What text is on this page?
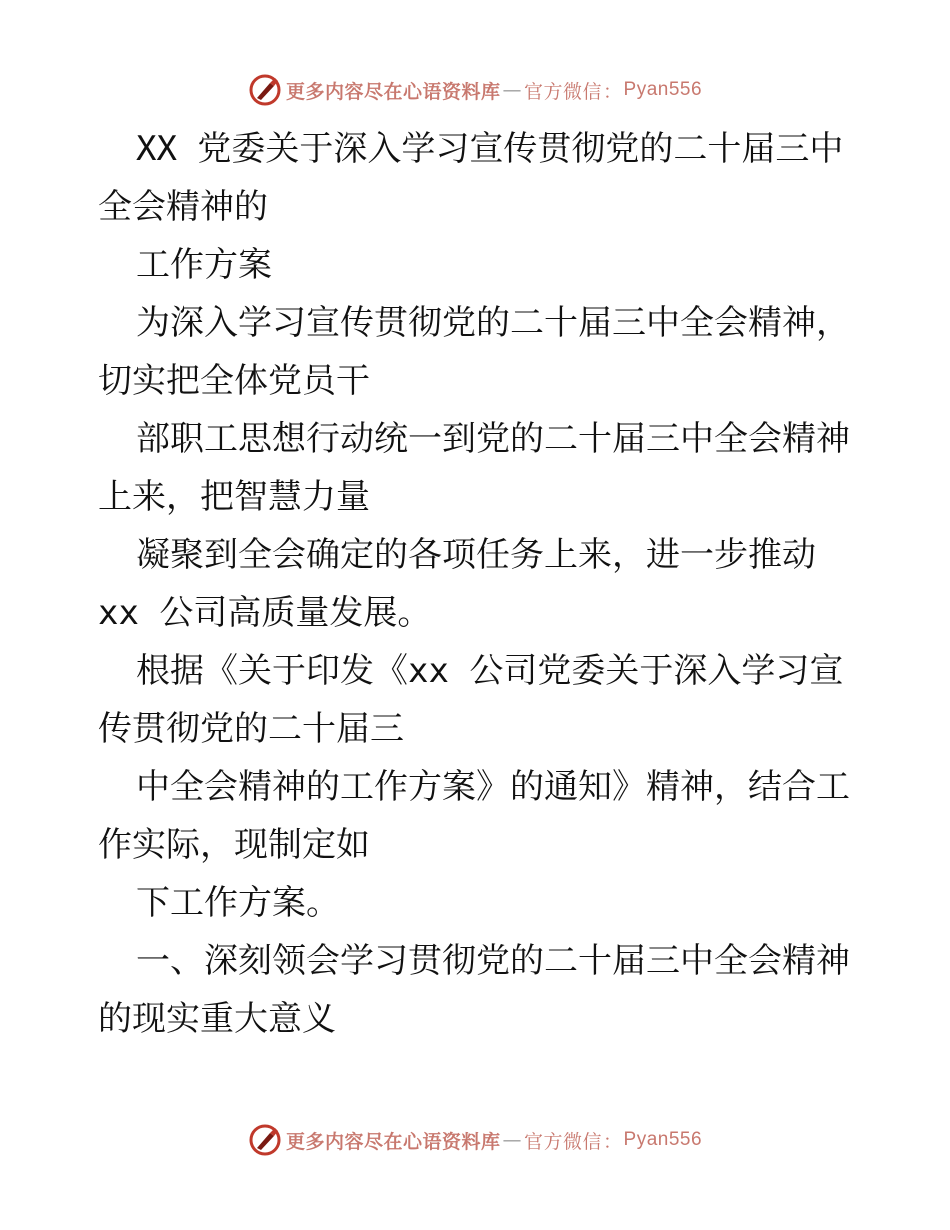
更多内容尽在心语资料库 — 官方微信 ： Pyan556
XX 党委关于深入学习宣传贯彻党的二十届三中
全会精神的
工作方案
为深入学习宣传贯彻党的二十届三中全会精神，
切实把全体党员干
部职工思想行动统一到党的二十届三中全会精神
上来，把智慧力量
凝聚到全会确定的各项任务上来，进一步推动
xx 公司高质量发展。
根据《关于印发《xx 公司党委关于深入学习宣
传贯彻党的二十届三
中全会精神的工作方案》的通知》精神，结合工
作实际，现制定如
下工作方案。
一、深刻领会学习贯彻党的二十届三中全会精神
的现实重大意义
更多内容尽在心语资料库 — 官方微信 ： Pyan556
